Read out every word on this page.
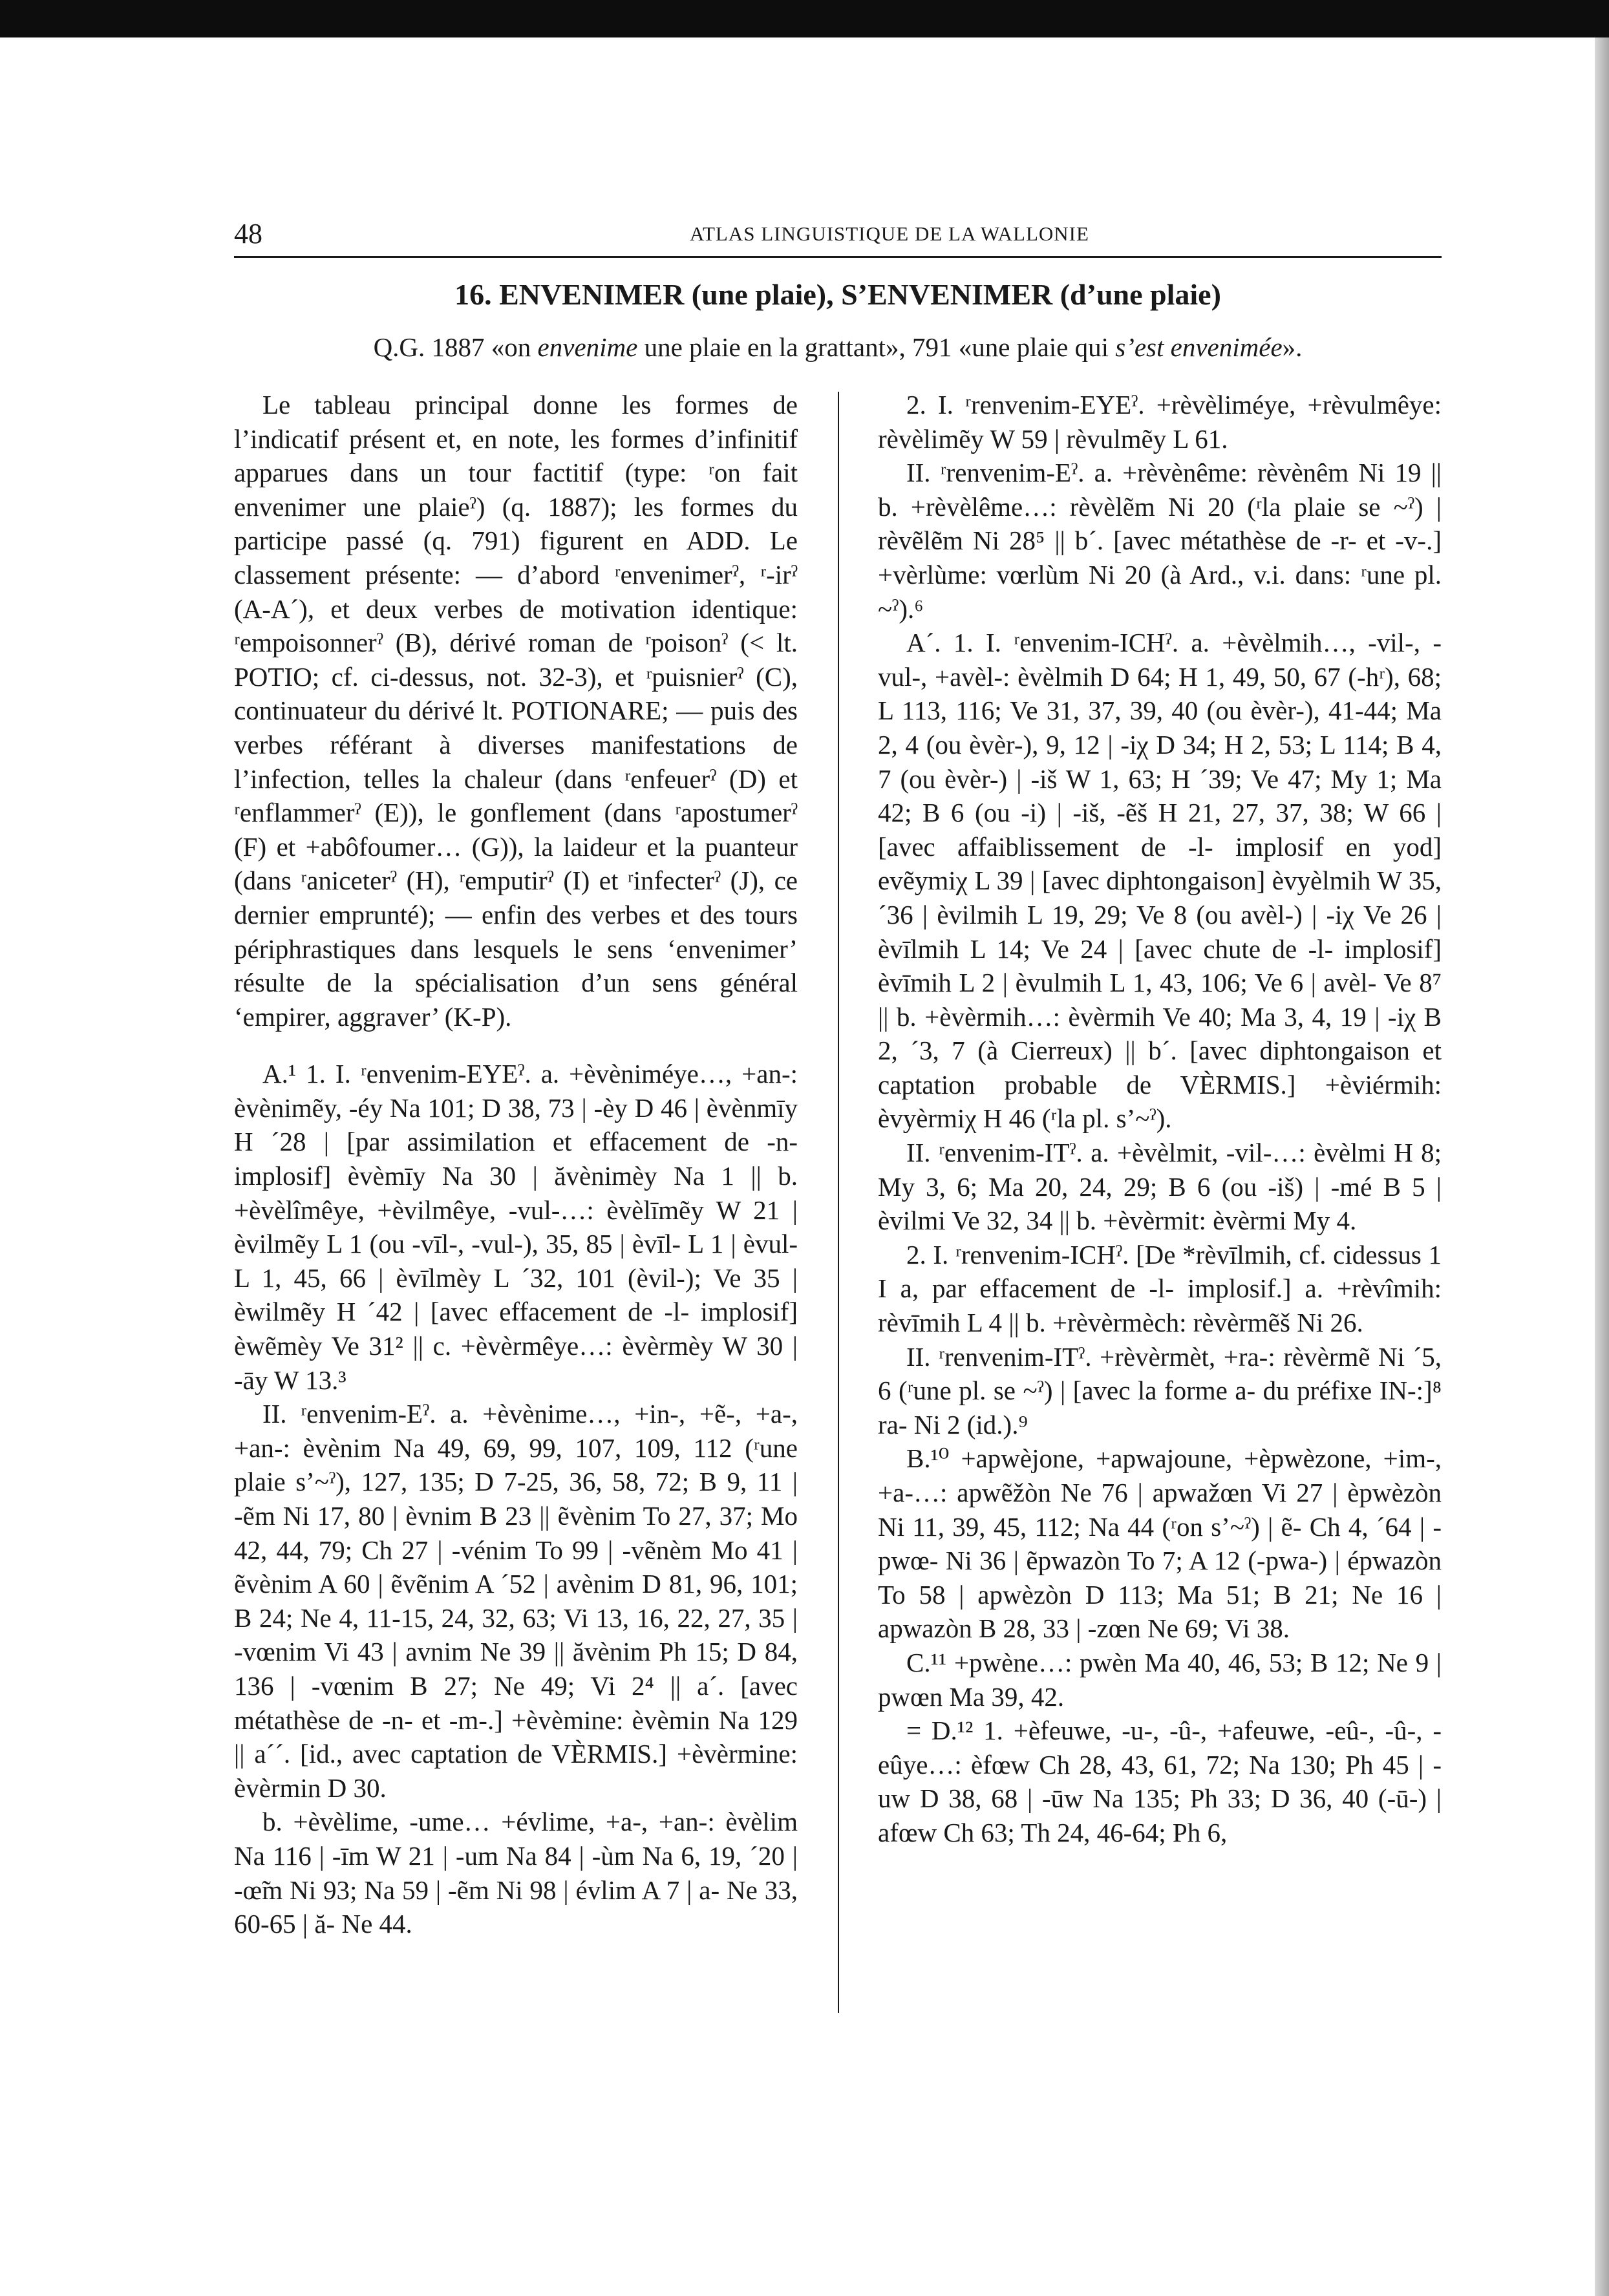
48	ATLAS LINGUISTIQUE DE LA WALLONIE
16. ENVENIMER (une plaie), S’ENVENIMER (d’une plaie)
Q.G. 1887 «on envenime une plaie en la grattant», 791 «une plaie qui s’est envenimée».

Le tableau principal donne les formes de l’indicatif présent et, en note, les formes d’infinitif apparues dans un tour factitif (type: ʳon fait envenimer une plaieˀ) (q. 1887); les formes du participe passé (q. 791) figurent en ADD. Le classement présente: — d’abord ʳenvenimerˀ, ʳ-irˀ (A-A´), et deux verbes de motivation identique: ʳempoisonnerˀ (B), dérivé roman de ʳpoisonˀ (< lt. POTIO; cf. ci-dessus, not. 32-3), et ʳpuisnierˀ (C), continuateur du dérivé lt. POTIONARE; — puis des verbes référant à diverses manifestations de l’infection, telles la chaleur (dans ʳenfeuerˀ (D) et ʳenflammerˀ (E)), le gonflement (dans ʳapostumerˀ (F) et +abôfoumer… (G)), la laideur et la puanteur (dans ʳaniceterˀ (H), ʳemputirˀ (I) et ʳinfecterˀ (J), ce dernier emprunté); — enfin des verbes et des tours périphrastiques dans lesquels le sens ‘envenimer’ résulte de la spécialisation d’un sens général ‘empirer, aggraver’ (K-P).

A.¹ 1. I. ʳenvenim-EYEˀ. a. +èvèniméye…, +an-: èvènimẽy, -éy Na 101; D 38, 73 | -èy D 46 | èvènmīy H ´28 | [par assimilation et effacement de -n- implosif] èvèmīy Na 30 | ăvènimèy Na 1 || b. +èvèlîmêye, +èvilmêye, -vul-…: èvèlīmẽy W 21 | èvilmẽy L 1 (ou -vīl-, -vul-), 35, 85 | èvīl- L 1 | èvul- L 1, 45, 66 | èvīlmèy L ´32, 101 (èvil-); Ve 35 | èwilmẽy H ´42 | [avec effacement de -l- implosif] èwẽmèy Ve 31² || c. +èvèrmêye…: èvèrmèy W 30 | -āy W 13.³

II. ʳenvenim-Eˀ. a. +èvènime…, +in-, +ẽ-, +a-, +an-: èvènim Na 49, 69, 99, 107, 109, 112 (ʳune plaie s’~ˀ), 127, 135; D 7-25, 36, 58, 72; B 9, 11 | -ẽm Ni 17, 80 | èvnim B 23 || ẽvènim To 27, 37; Mo 42, 44, 79; Ch 27 | -vénim To 99 | -vẽnèm Mo 41 | ẽvènim A 60 | ẽvẽnim A ´52 | avènim D 81, 96, 101; B 24; Ne 4, 11-15, 24, 32, 63; Vi 13, 16, 22, 27, 35 | -vœnim Vi 43 | avnim Ne 39 || ăvènim Ph 15; D 84, 136 | -vœnim B 27; Ne 49; Vi 2⁴ || a´. [avec métathèse de -n- et -m-.] +èvèmine: èvèmin Na 129 || a´´. [id., avec captation de VÈRMIS.] +èvèrmine: èvèrmin D 30.

b. +èvèlime, -ume… +évlime, +a-, +an-: èvèlim Na 116 | -īm W 21 | -um Na 84 | -ùm Na 6, 19, ´20 | -œ̃m Ni 93; Na 59 | -ẽm Ni 98 | évlim A 7 | a- Ne 33, 60-65 | ă- Ne 44.

2. I. ʳrenvenim-EYEˀ. +rèvèliméye, +rèvulmêye: rèvèlimẽy W 59 | rèvulmẽy L 61.

II. ʳrenvenim-Eˀ. a. +rèvènême: rèvènêm Ni 19 || b. +rèvèlême…: rèvèlẽm Ni 20 (ʳla plaie se ~ˀ) | rèvẽlẽm Ni 28⁵ || b´. [avec métathèse de -r- et -v-.] +vèrlùme: vœrlùm Ni 20 (à Ard., v.i. dans: ʳune pl. ~ˀ).⁶

A´. 1. I. ʳenvenim-ICHˀ. a. +èvèlmih…, -vil-, -vul-, +avèl-: èvèlmih D 64; H 1, 49, 50, 67 (-hʳ), 68; L 113, 116; Ve 31, 37, 39, 40 (ou èvèr-), 41-44; Ma 2, 4 (ou èvèr-), 9, 12 | -iχ D 34; H 2, 53; L 114; B 4, 7 (ou èvèr-) | -iš W 1, 63; H ´39; Ve 47; My 1; Ma 42; B 6 (ou -i) | -iš, -ẽš H 21, 27, 37, 38; W 66 | [avec affaiblissement de -l- implosif en yod] evẽymiχ L 39 | [avec diphtongaison] èvyèlmih W 35, ´36 | èvilmih L 19, 29; Ve 8 (ou avèl-) | -iχ Ve 26 | èvīlmih L 14; Ve 24 | [avec chute de -l- implosif] èvīmih L 2 | èvulmih L 1, 43, 106; Ve 6 | avèl- Ve 8⁷ || b. +èvèrmih…: èvèrmih Ve 40; Ma 3, 4, 19 | -iχ B 2, ´3, 7 (à Cierreux) || b´. [avec diphtongaison et captation probable de VÈRMIS.] +èviérmih: èvyèrmiχ H 46 (ʳla pl. s’~ˀ).

II. ʳenvenim-ITˀ. a. +èvèlmit, -vil-…: èvèlmi H 8; My 3, 6; Ma 20, 24, 29; B 6 (ou -iš) | -mé B 5 | èvilmi Ve 32, 34 || b. +èvèrmit: èvèrmi My 4.

2. I. ʳrenvenim-ICHˀ. [De *rèvīlmih, cf. cidessus 1 I a, par effacement de -l- implosif.] a. +rèvîmih: rèvīmih L 4 || b. +rèvèrmèch: rèvèrmẽš Ni 26.

II. ʳrenvenim-ITˀ. +rèvèrmèt, +ra-: rèvèrmẽ Ni ´5, 6 (ʳune pl. se ~ˀ) | [avec la forme a- du préfixe IN-:]⁸ ra- Ni 2 (id.).⁹

B.¹⁰ +apwèjone, +apwajoune, +èpwèzone, +im-, +a-…: apwẽžòn Ne 76 | apwažœn Vi 27 | èpwèzòn Ni 11, 39, 45, 112; Na 44 (ʳon s’~ˀ) | ẽ- Ch 4, ´64 | -pwœ- Ni 36 | ẽpwazòn To 7; A 12 (-pwa-) | épwazòn To 58 | apwèzòn D 113; Ma 51; B 21; Ne 16 | apwazòn B 28, 33 | -zœn Ne 69; Vi 38.

C.¹¹ +pwène…: pwèn Ma 40, 46, 53; B 12; Ne 9 | pwœn Ma 39, 42.

= D.¹² 1. +èfeuwe, -u-, -û-, +afeuwe, -eû-, -û-, -eûye…: èfœw Ch 28, 43, 61, 72; Na 130; Ph 45 | -uw D 38, 68 | -ūw Na 135; Ph 33; D 36, 40 (-ū-) | afœw Ch 63; Th 24, 46-64; Ph 6,
